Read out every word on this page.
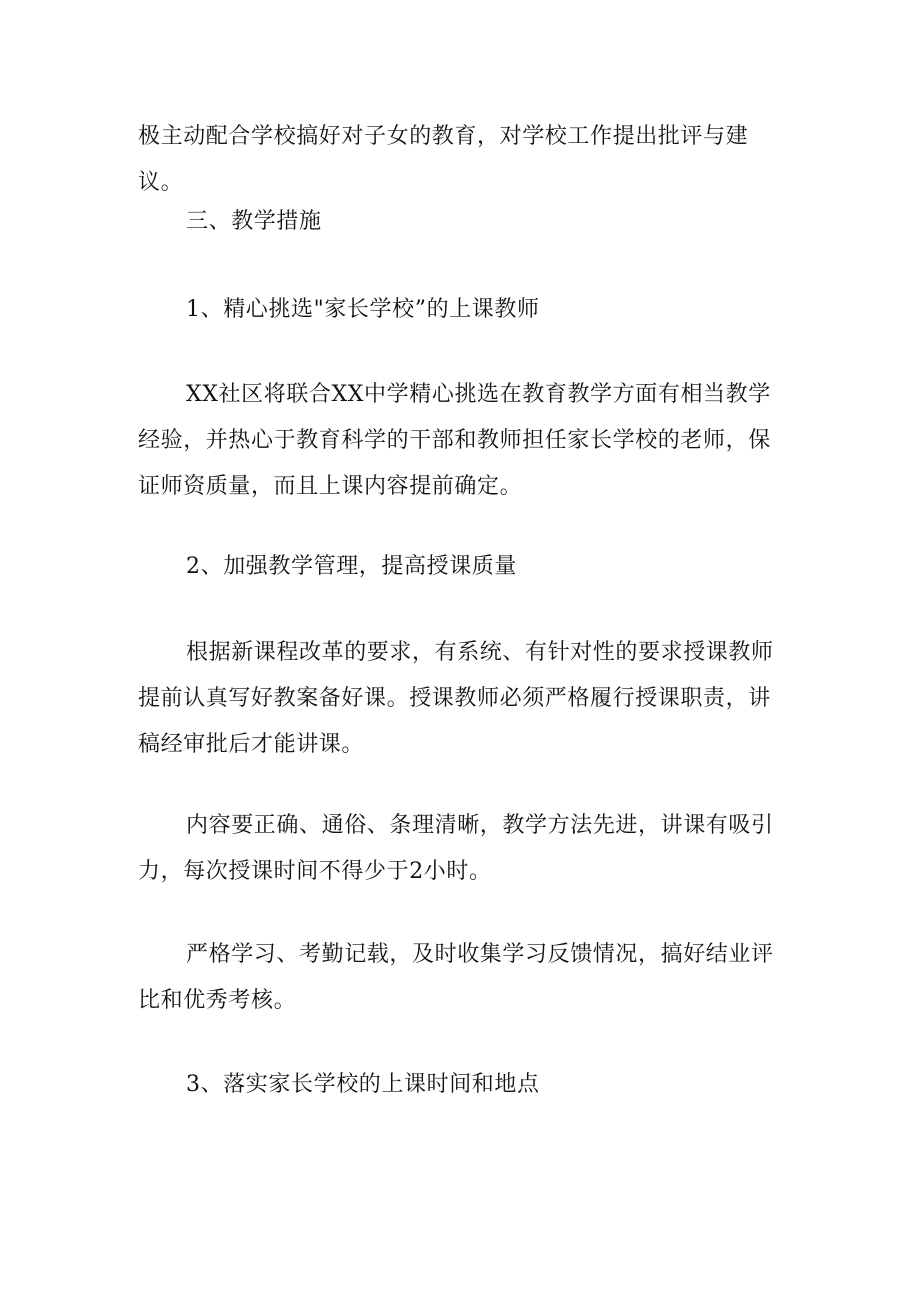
极主动配合学校搞好对子女的教育，对学校工作提出批评与建议。

三、教学措施

1、精心挑选"家长学校”的上课教师

XX社区将联合XX中学精心挑选在教育教学方面有相当教学经验，并热心于教育科学的干部和教师担任家长学校的老师，保证师资质量，而且上课内容提前确定。

2、加强教学管理，提高授课质量

根据新课程改革的要求，有系统、有针对性的要求授课教师提前认真写好教案备好课。授课教师必须严格履行授课职责，讲稿经审批后才能讲课。

内容要正确、通俗、条理清晰，教学方法先进，讲课有吸引力，每次授课时间不得少于2小时。

严格学习、考勤记载，及时收集学习反馈情况，搞好结业评比和优秀考核。

3、落实家长学校的上课时间和地点
